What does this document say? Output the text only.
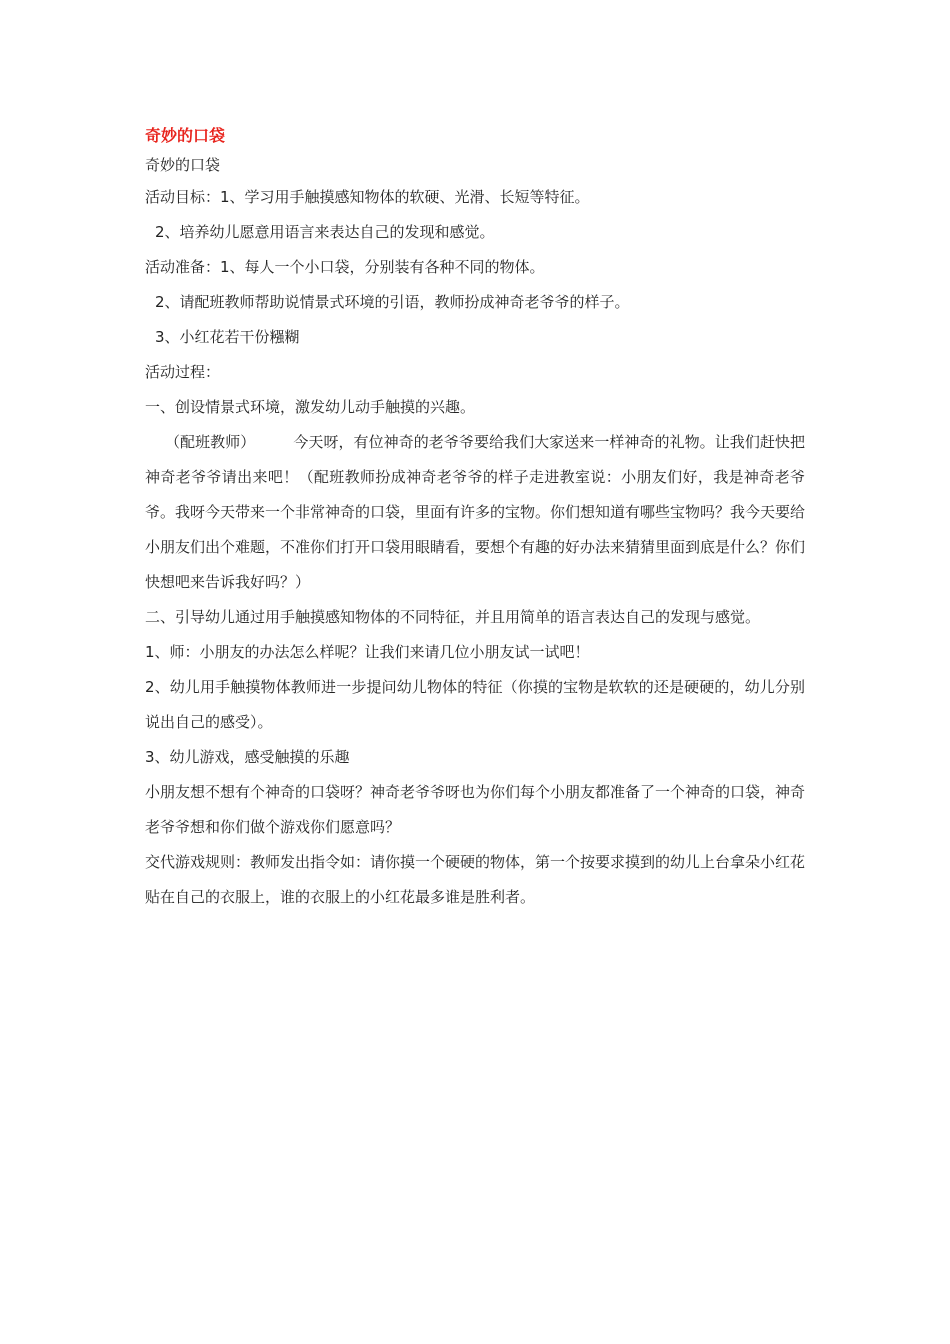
奇妙的口袋

奇妙的口袋

活动目标：1、学习用手触摸感知物体的软硬、光滑、长短等特征。

2、培养幼儿愿意用语言来表达自己的发现和感觉。

活动准备：1、每人一个小口袋，分别装有各种不同的物体。

2、请配班教师帮助说情景式环境的引语，教师扮成神奇老爷爷的样子。

3、小红花若干份糨糊

活动过程：

一、创设情景式环境，激发幼儿动手触摸的兴趣。

（配班教师）	今天呀，有位神奇的老爷爷要给我们大家送来一样神奇的礼物。让我们赶快把神奇老爷爷请出来吧！（配班教师扮成神奇老爷爷的样子走进教室说：小朋友们好，我是神奇老爷爷。我呀今天带来一个非常神奇的口袋，里面有许多的宝物。你们想知道有哪些宝物吗？我今天要给小朋友们出个难题，不准你们打开口袋用眼睛看，要想个有趣的好办法来猜猜里面到底是什么？你们快想吧来告诉我好吗？）

二、引导幼儿通过用手触摸感知物体的不同特征，并且用简单的语言表达自己的发现与感觉。

1、师：小朋友的办法怎么样呢？让我们来请几位小朋友试一试吧！

2、幼儿用手触摸物体教师进一步提问幼儿物体的特征（你摸的宝物是软软的还是硬硬的，幼儿分别说出自己的感受）。

3、幼儿游戏，感受触摸的乐趣

小朋友想不想有个神奇的口袋呀？神奇老爷爷呀也为你们每个小朋友都准备了一个神奇的口袋，神奇老爷爷想和你们做个游戏你们愿意吗？

交代游戏规则：教师发出指令如：请你摸一个硬硬的物体，第一个按要求摸到的幼儿上台拿朵小红花贴在自己的衣服上，谁的衣服上的小红花最多谁是胜利者。
